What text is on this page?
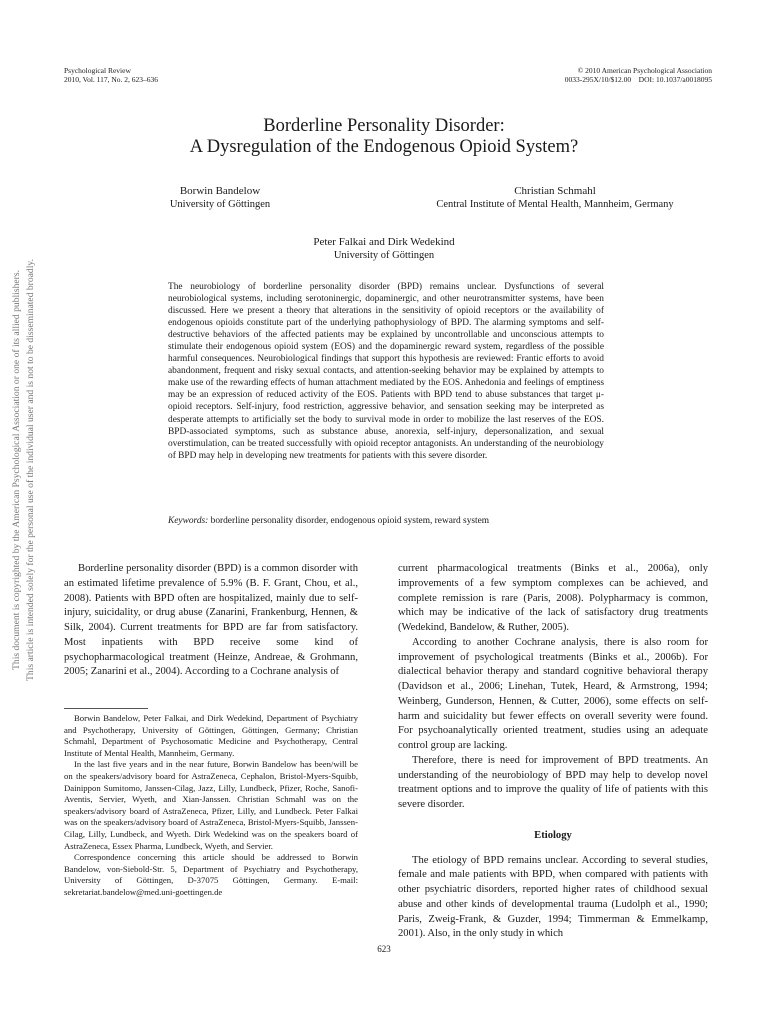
Psychological Review
2010, Vol. 117, No. 2, 623–636
© 2010 American Psychological Association
0033-295X/10/$12.00    DOI: 10.1037/a0018095
Borderline Personality Disorder:
A Dysregulation of the Endogenous Opioid System?
Borwin Bandelow
University of Göttingen
Christian Schmahl
Central Institute of Mental Health, Mannheim, Germany
Peter Falkai and Dirk Wedekind
University of Göttingen
The neurobiology of borderline personality disorder (BPD) remains unclear. Dysfunctions of several neurobiological systems, including serotoninergic, dopaminergic, and other neurotransmitter systems, have been discussed. Here we present a theory that alterations in the sensitivity of opioid receptors or the availability of endogenous opioids constitute part of the underlying pathophysiology of BPD. The alarming symptoms and self-destructive behaviors of the affected patients may be explained by uncontrollable and unconscious attempts to stimulate their endogenous opioid system (EOS) and the dopaminergic reward system, regardless of the possible harmful consequences. Neurobiological findings that support this hypothesis are reviewed: Frantic efforts to avoid abandonment, frequent and risky sexual contacts, and attention-seeking behavior may be explained by attempts to make use of the rewarding effects of human attachment mediated by the EOS. Anhedonia and feelings of emptiness may be an expression of reduced activity of the EOS. Patients with BPD tend to abuse substances that target μ-opioid receptors. Self-injury, food restriction, aggressive behavior, and sensation seeking may be interpreted as desperate attempts to artificially set the body to survival mode in order to mobilize the last reserves of the EOS. BPD-associated symptoms, such as substance abuse, anorexia, self-injury, depersonalization, and sexual overstimulation, can be treated successfully with opioid receptor antagonists. An understanding of the neurobiology of BPD may help in developing new treatments for patients with this severe disorder.
Keywords: borderline personality disorder, endogenous opioid system, reward system

Borderline personality disorder (BPD) is a common disorder with an estimated lifetime prevalence of 5.9% (B. F. Grant, Chou, et al., 2008). Patients with BPD often are hospitalized, mainly due to self-injury, suicidality, or drug abuse (Zanarini, Frankenburg, Hennen, & Silk, 2004). Current treatments for BPD are far from satisfactory. Most inpatients with BPD receive some kind of psychopharmacological treatment (Heinze, Andreae, & Grohmann, 2005; Zanarini et al., 2004). According to a Cochrane analysis of

Borwin Bandelow, Peter Falkai, and Dirk Wedekind, Department of Psychiatry and Psychotherapy, University of Göttingen, Göttingen, Germany; Christian Schmahl, Department of Psychosomatic Medicine and Psychotherapy, Central Institute of Mental Health, Mannheim, Germany.

In the last five years and in the near future, Borwin Bandelow has been/will be on the speakers/advisory board for AstraZeneca, Cephalon, Bristol-Myers-Squibb, Dainippon Sumitomo, Janssen-Cilag, Jazz, Lilly, Lundbeck, Pfizer, Roche, Sanofi-Aventis, Servier, Wyeth, and Xian-Janssen. Christian Schmahl was on the speakers/advisory board of AstraZeneca, Pfizer, Lilly, and Lundbeck. Peter Falkai was on the speakers/advisory board of AstraZeneca, Bristol-Myers-Squibb, Janssen-Cilag, Lilly, Lundbeck, and Wyeth. Dirk Wedekind was on the speakers board of AstraZeneca, Essex Pharma, Lundbeck, Wyeth, and Servier.

Correspondence concerning this article should be addressed to Borwin Bandelow, von-Siebold-Str. 5, Department of Psychiatry and Psychotherapy, University of Göttingen, D-37075 Göttingen, Germany. E-mail: sekretariat.bandelow@med.uni-goettingen.de

current pharmacological treatments (Binks et al., 2006a), only improvements of a few symptom complexes can be achieved, and complete remission is rare (Paris, 2008). Polypharmacy is common, which may be indicative of the lack of satisfactory drug treatments (Wedekind, Bandelow, & Ruther, 2005).

According to another Cochrane analysis, there is also room for improvement of psychological treatments (Binks et al., 2006b). For dialectical behavior therapy and standard cognitive behavioral therapy (Davidson et al., 2006; Linehan, Tutek, Heard, & Armstrong, 1994; Weinberg, Gunderson, Hennen, & Cutter, 2006), some effects on self-harm and suicidality but fewer effects on overall severity were found. For psychoanalytically oriented treatment, studies using an adequate control group are lacking.

Therefore, there is need for improvement of BPD treatments. An understanding of the neurobiology of BPD may help to develop novel treatment options and to improve the quality of life of patients with this severe disorder.

Etiology

The etiology of BPD remains unclear. According to several studies, female and male patients with BPD, when compared with patients with other psychiatric disorders, reported higher rates of childhood sexual abuse and other kinds of developmental trauma (Ludolph et al., 1990; Paris, Zweig-Frank, & Guzder, 1994; Timmerman & Emmelkamp, 2001). Also, in the only study in which

623
This document is copyrighted by the American Psychological Association or one of its allied publishers. This article is intended solely for the personal use of the individual user and is not to be disseminated broadly.
